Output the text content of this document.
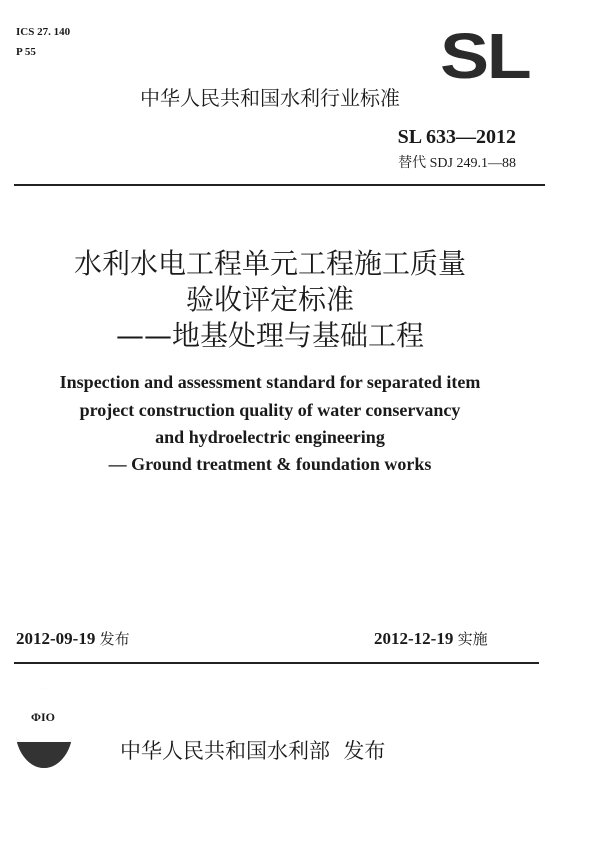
ICS 27. 140
P 55	SL
中华人民共和国水利行业标准
SL 633—2012
替代 SDJ 249.1—88
水利水电工程单元工程施工质量
验收评定标准
——地基处理与基础工程
Inspection and assessment standard for separated item
project construction quality of water conservancy
and hydroelectric engineering
— Ground treatment & foundation works
2012-09-19 发布	2012-12-19 实施
ΦΙΟ
中华人民共和国水利部 发布
